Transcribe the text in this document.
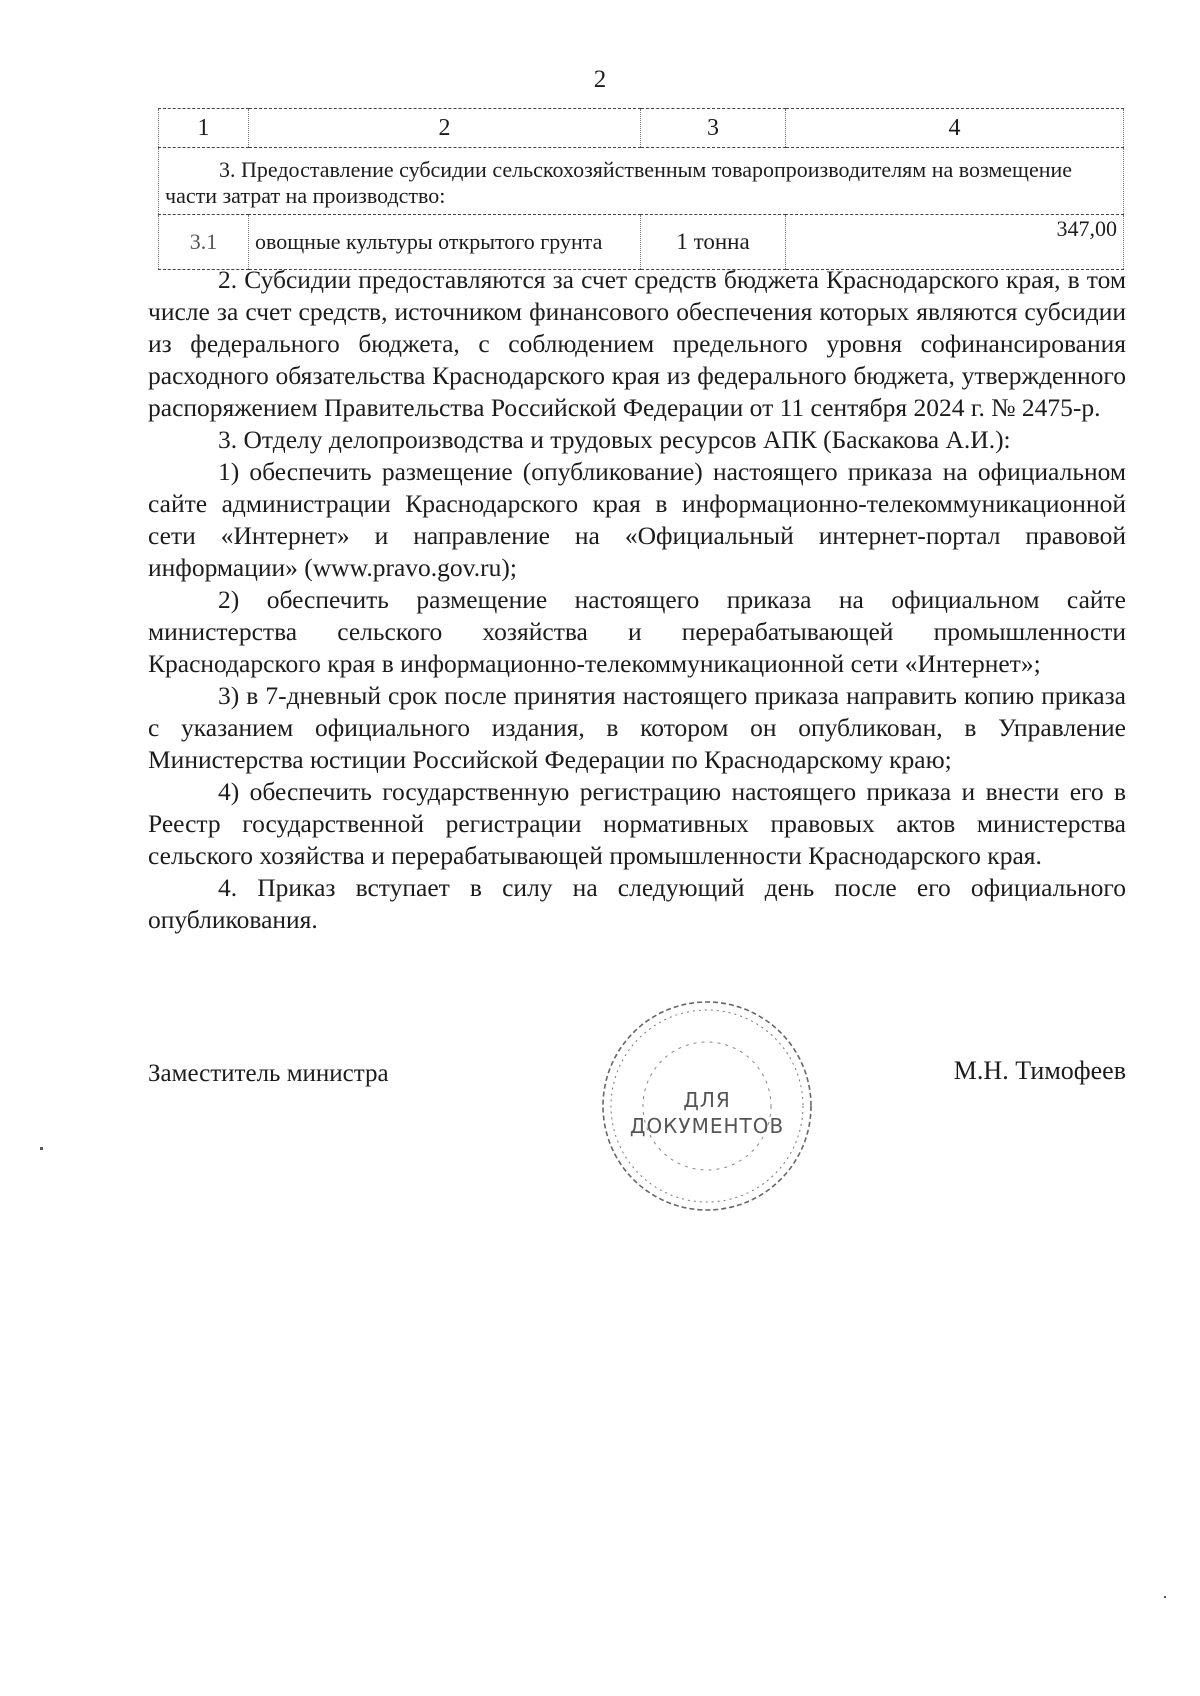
2
1	2	3	4
3. Предоставление субсидии сельскохозяйственным товаропроизводителям на возмещение части затрат на производство:			
3.1	овощные культуры открытого грунта	1 тонна	347,00

2. Субсидии предоставляются за счет средств бюджета Краснодарского края, в том числе за счет средств, источником финансового обеспечения которых являются субсидии из федерального бюджета, с соблюдением предельного уровня софинансирования расходного обязательства Краснодарского края из федерального бюджета, утвержденного распоряжением Правительства Российской Федерации от 11 сентября 2024 г. № 2475-р.

3. Отделу делопроизводства и трудовых ресурсов АПК (Баскакова А.И.):

1) обеспечить размещение (опубликование) настоящего приказа на официальном сайте администрации Краснодарского края в информационно-телекоммуникационной сети «Интернет» и направление на «Официальный интернет-портал правовой информации» (www.pravo.gov.ru);

2) обеспечить размещение настоящего приказа на официальном сайте министерства сельского хозяйства и перерабатывающей промышленности Краснодарского края в информационно-телекоммуникационной сети «Интернет»;

3) в 7-дневный срок после принятия настоящего приказа направить копию приказа с указанием официального издания, в котором он опубликован, в Управление Министерства юстиции Российской Федерации по Краснодарскому краю;

4) обеспечить государственную регистрацию настоящего приказа и внести его в Реестр государственной регистрации нормативных правовых актов министерства сельского хозяйства и перерабатывающей промышленности Краснодарского края.

4. Приказ вступает в силу на следующий день после его официального опубликования.

Заместитель министра
ДЛЯ
ДОКУМЕНТОВ
М.Н. Тимофеев
